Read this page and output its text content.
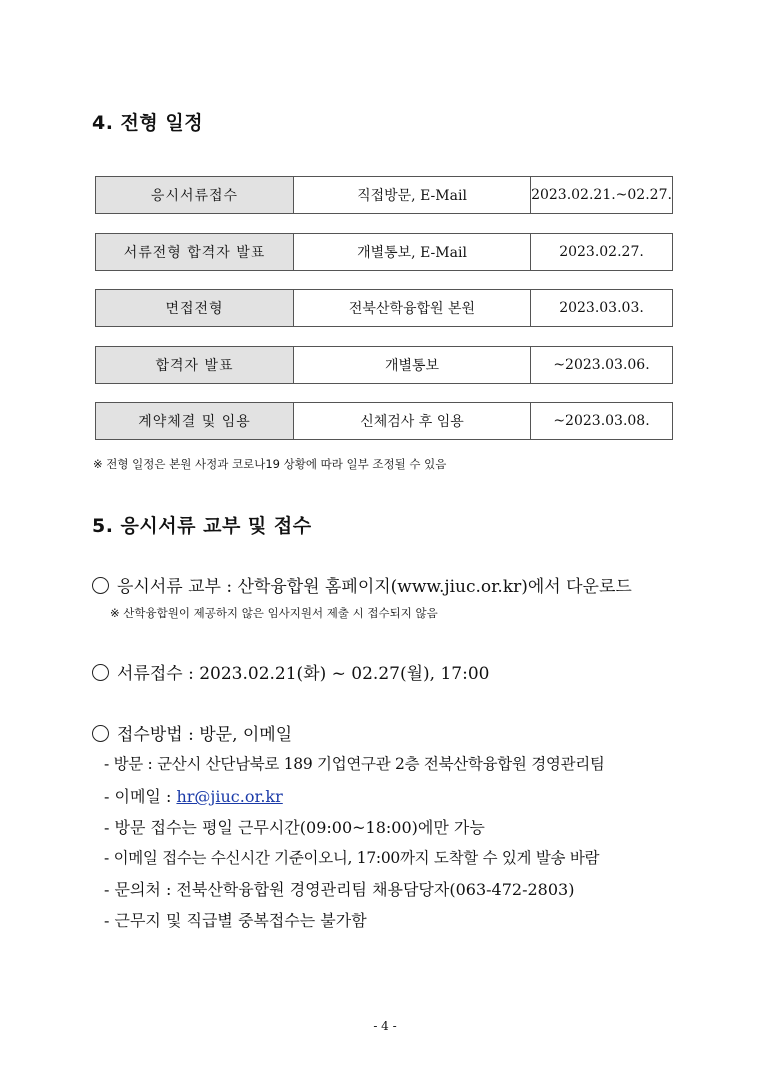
4. 전형 일정
응시서류접수	직접방문, E-Mail	2023.02.21.~02.27.
서류전형 합격자 발표	개별통보, E-Mail	2023.02.27.
면접전형	전북산학융합원 본원	2023.03.03.
합격자 발표	개별통보	~2023.03.06.
계약체결 및 임용	신체검사 후 임용	~2023.03.08.
※ 전형 일정은 본원 사정과 코로나19 상황에 따라 일부 조정될 수 있음
5. 응시서류 교부 및 접수
응시서류 교부 : 산학융합원 홈페이지(www.jiuc.or.kr)에서 다운로드
※ 산학융합원이 제공하지 않은 임사지원서 제출 시 접수되지 않음
서류접수 : 2023.02.21(화) ~ 02.27(월), 17:00
접수방법 : 방문, 이메일
- 방문 : 군산시 산단남북로 189 기업연구관 2층 전북산학융합원 경영관리팀
- 이메일 : hr@jiuc.or.kr
- 방문 접수는 평일 근무시간(09:00~18:00)에만 가능
- 이메일 접수는 수신시간 기준이오니, 17:00까지 도착할 수 있게 발송 바람
- 문의처 : 전북산학융합원 경영관리팀 채용담당자(063-472-2803)
- 근무지 및 직급별 중복접수는 불가함
- 4 -
